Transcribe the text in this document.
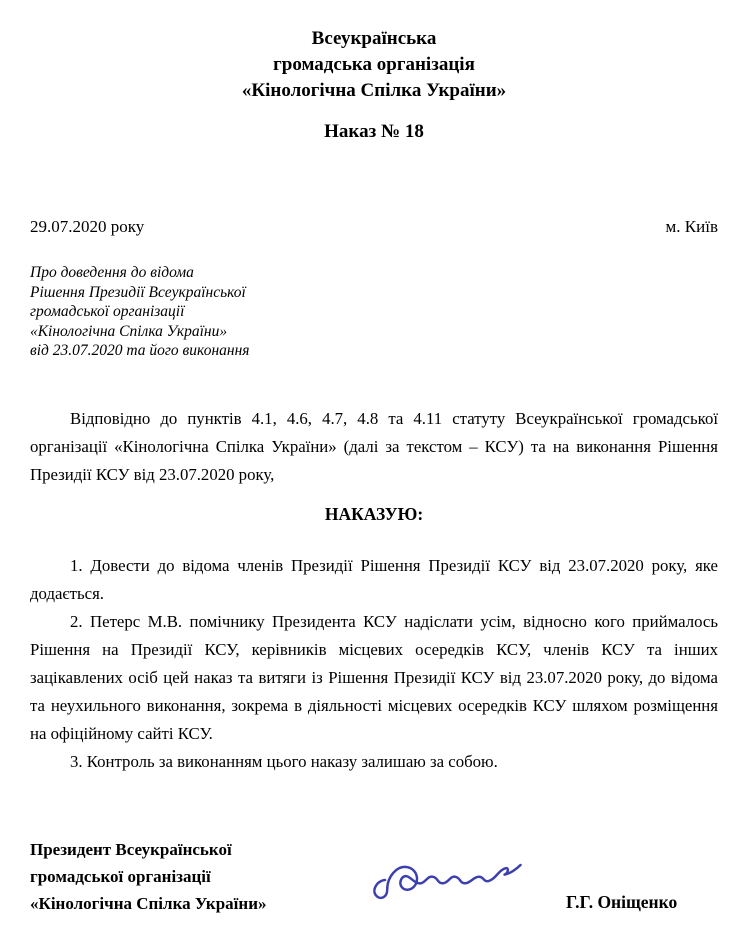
Всеукраїнська
громадська організація
«Кінологічна Спілка України»
Наказ № 18
29.07.2020 року	м. Київ
Про доведення до відома
Рішення Президії Всеукраїнської
громадської організації
«Кінологічна Спілка України»
від 23.07.2020 та його виконання

Відповідно до пунктів 4.1, 4.6, 4.7, 4.8 та 4.11 статуту Всеукраїнської громадської організації «Кінологічна Спілка України» (далі за текстом – КСУ) та на виконання Рішення Президії КСУ від 23.07.2020 року,

НАКАЗУЮ:

1. Довести до відома членів Президії Рішення Президії КСУ від 23.07.2020 року, яке додається.

2. Петерс М.В. помічнику Президента КСУ надіслати усім, відносно кого приймалось Рішення на Президії КСУ, керівників місцевих осередків КСУ, членів КСУ та інших зацікавлених осіб цей наказ та витяги із Рішення Президії КСУ від 23.07.2020 року, до відома та неухильного виконання, зокрема в діяльності місцевих осередків КСУ шляхом розміщення на офіційному сайті КСУ.

3. Контроль за виконанням цього наказу залишаю за собою.

Президент Всеукраїнської
громадської організації
«Кінологічна Спілка України»	Г.Г. Оніщенко
